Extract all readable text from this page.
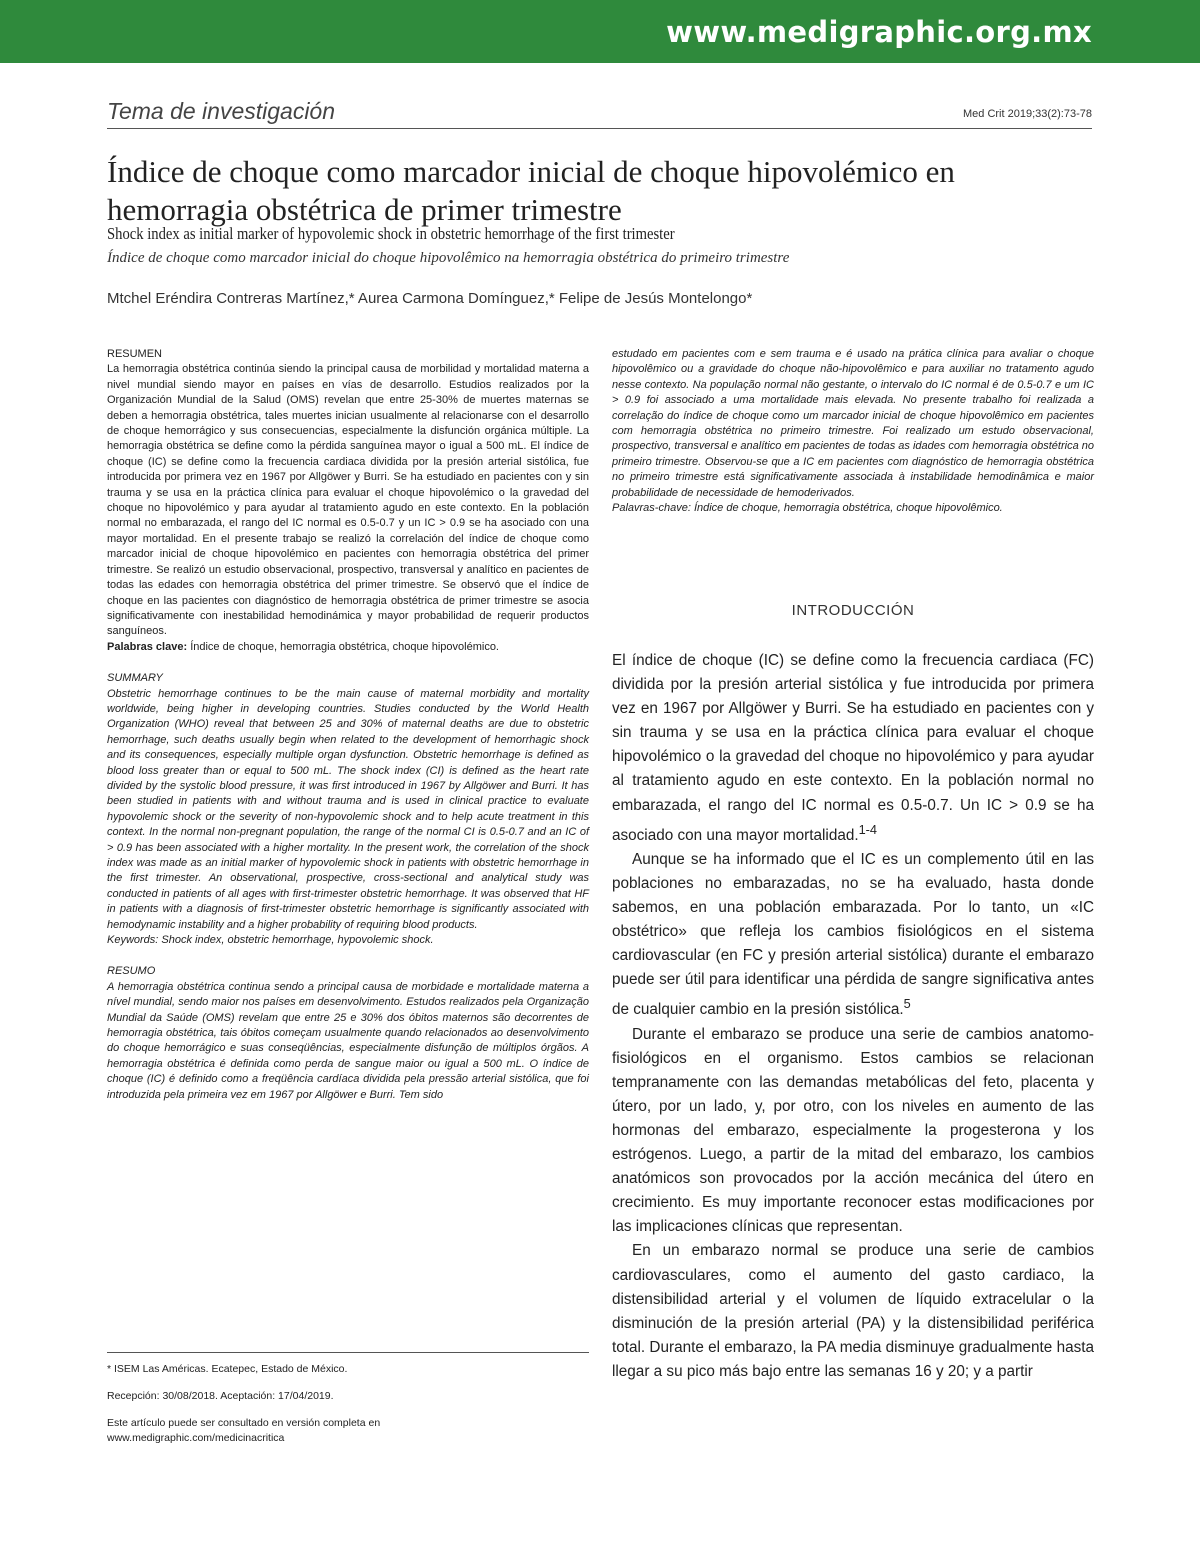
www.medigraphic.org.mx
Tema de investigación	Med Crit 2019;33(2):73-78
Índice de choque como marcador inicial de choque hipovolémico en hemorragia obstétrica de primer trimestre
Shock index as initial marker of hypovolemic shock in obstetric hemorrhage of the first trimester
Índice de choque como marcador inicial do choque hipovolêmico na hemorragia obstétrica do primeiro trimestre
Mtchel Eréndira Contreras Martínez,* Aurea Carmona Domínguez,* Felipe de Jesús Montelongo*

RESUMEN

La hemorragia obstétrica continúa siendo la principal causa de morbilidad y mortalidad materna a nivel mundial siendo mayor en países en vías de desarrollo. Estudios realizados por la Organización Mundial de la Salud (OMS) revelan que entre 25-30% de muertes maternas se deben a hemorragia obstétrica, tales muertes inician usualmente al relacionarse con el desarrollo de choque hemorrágico y sus consecuencias, especialmente la disfunción orgánica múltiple. La hemorragia obstétrica se define como la pérdida sanguínea mayor o igual a 500 mL. El índice de choque (IC) se define como la frecuencia cardiaca dividida por la presión arterial sistólica, fue introducida por primera vez en 1967 por Allgöwer y Burri. Se ha estudiado en pacientes con y sin trauma y se usa en la práctica clínica para evaluar el choque hipovolémico o la gravedad del choque no hipovolémico y para ayudar al tratamiento agudo en este contexto. En la población normal no embarazada, el rango del IC normal es 0.5-0.7 y un IC > 0.9 se ha asociado con una mayor mortalidad. En el presente trabajo se realizó la correlación del índice de choque como marcador inicial de choque hipovolémico en pacientes con hemorragia obstétrica del primer trimestre. Se realizó un estudio observacional, prospectivo, transversal y analítico en pacientes de todas las edades con hemorragia obstétrica del primer trimestre. Se observó que el índice de choque en las pacientes con diagnóstico de hemorragia obstétrica de primer trimestre se asocia significativamente con inestabilidad hemodinámica y mayor probabilidad de requerir productos sanguíneos.

Palabras clave: Índice de choque, hemorragia obstétrica, choque hipovolémico.

SUMMARY

Obstetric hemorrhage continues to be the main cause of maternal morbidity and mortality worldwide, being higher in developing countries. Studies conducted by the World Health Organization (WHO) reveal that between 25 and 30% of maternal deaths are due to obstetric hemorrhage, such deaths usually begin when related to the development of hemorrhagic shock and its consequences, especially multiple organ dysfunction. Obstetric hemorrhage is defined as blood loss greater than or equal to 500 mL. The shock index (CI) is defined as the heart rate divided by the systolic blood pressure, it was first introduced in 1967 by Allgöwer and Burri. It has been studied in patients with and without trauma and is used in clinical practice to evaluate hypovolemic shock or the severity of non-hypovolemic shock and to help acute treatment in this context. In the normal non-pregnant population, the range of the normal CI is 0.5-0.7 and an IC of > 0.9 has been associated with a higher mortality. In the present work, the correlation of the shock index was made as an initial marker of hypovolemic shock in patients with obstetric hemorrhage in the first trimester. An observational, prospective, cross-sectional and analytical study was conducted in patients of all ages with first-trimester obstetric hemorrhage. It was observed that HF in patients with a diagnosis of first-trimester obstetric hemorrhage is significantly associated with hemodynamic instability and a higher probability of requiring blood products.

Keywords: Shock index, obstetric hemorrhage, hypovolemic shock.

RESUMO

A hemorragia obstétrica continua sendo a principal causa de morbidade e mortalidade materna a nível mundial, sendo maior nos países em desenvolvimento. Estudos realizados pela Organização Mundial da Saúde (OMS) revelam que entre 25 e 30% dos óbitos maternos são decorrentes de hemorragia obstétrica, tais óbitos começam usualmente quando relacionados ao desenvolvimento do choque hemorrágico e suas conseqüências, especialmente disfunção de múltiplos órgãos. A hemorragia obstétrica é definida como perda de sangue maior ou igual a 500 mL. O índice de choque (IC) é definido como a freqüência cardíaca dividida pela pressão arterial sistólica, que foi introduzida pela primeira vez em 1967 por Allgöwer e Burri. Tem sido

estudado em pacientes com e sem trauma e é usado na prática clínica para avaliar o choque hipovolêmico ou a gravidade do choque não-hipovolêmico e para auxiliar no tratamento agudo nesse contexto. Na população normal não gestante, o intervalo do IC normal é de 0.5-0.7 e um IC > 0.9 foi associado a uma mortalidade mais elevada. No presente trabalho foi realizada a correlação do índice de choque como um marcador inicial de choque hipovolêmico em pacientes com hemorragia obstétrica no primeiro trimestre. Foi realizado um estudo observacional, prospectivo, transversal e analítico em pacientes de todas as idades com hemorragia obstétrica no primeiro trimestre. Observou-se que a IC em pacientes com diagnóstico de hemorragia obstétrica no primeiro trimestre está significativamente associada à instabilidade hemodinâmica e maior probabilidade de necessidade de hemoderivados.

Palavras-chave: Índice de choque, hemorragia obstétrica, choque hipovolêmico.

INTRODUCCIÓN

El índice de choque (IC) se define como la frecuencia cardiaca (FC) dividida por la presión arterial sistólica y fue introducida por primera vez en 1967 por Allgöwer y Burri. Se ha estudiado en pacientes con y sin trauma y se usa en la práctica clínica para evaluar el choque hipovolémico o la gravedad del choque no hipovolémico y para ayudar al tratamiento agudo en este contexto. En la población normal no embarazada, el rango del IC normal es 0.5-0.7. Un IC > 0.9 se ha asociado con una mayor mortalidad.$^{1-4}$

Aunque se ha informado que el IC es un complemento útil en las poblaciones no embarazadas, no se ha evaluado, hasta donde sabemos, en una población embarazada. Por lo tanto, un «IC obstétrico» que refleja los cambios fisiológicos en el sistema cardiovascular (en FC y presión arterial sistólica) durante el embarazo puede ser útil para identificar una pérdida de sangre significativa antes de cualquier cambio en la presión sistólica.$^5$

Durante el embarazo se produce una serie de cambios anatomo-fisiológicos en el organismo. Estos cambios se relacionan tempranamente con las demandas metabólicas del feto, placenta y útero, por un lado, y, por otro, con los niveles en aumento de las hormonas del embarazo, especialmente la progesterona y los estrógenos. Luego, a partir de la mitad del embarazo, los cambios anatómicos son provocados por la acción mecánica del útero en crecimiento. Es muy importante reconocer estas modificaciones por las implicaciones clínicas que representan.

En un embarazo normal se produce una serie de cambios cardiovasculares, como el aumento del gasto cardiaco, la distensibilidad arterial y el volumen de líquido extracelular o la disminución de la presión arterial (PA) y la distensibilidad periférica total. Durante el embarazo, la PA media disminuye gradualmente hasta llegar a su pico más bajo entre las semanas 16 y 20; y a partir

* ISEM Las Américas. Ecatepec, Estado de México.

Recepción: 30/08/2018. Aceptación: 17/04/2019.

Este artículo puede ser consultado en versión completa en

www.medigraphic.com/medicinacritica
